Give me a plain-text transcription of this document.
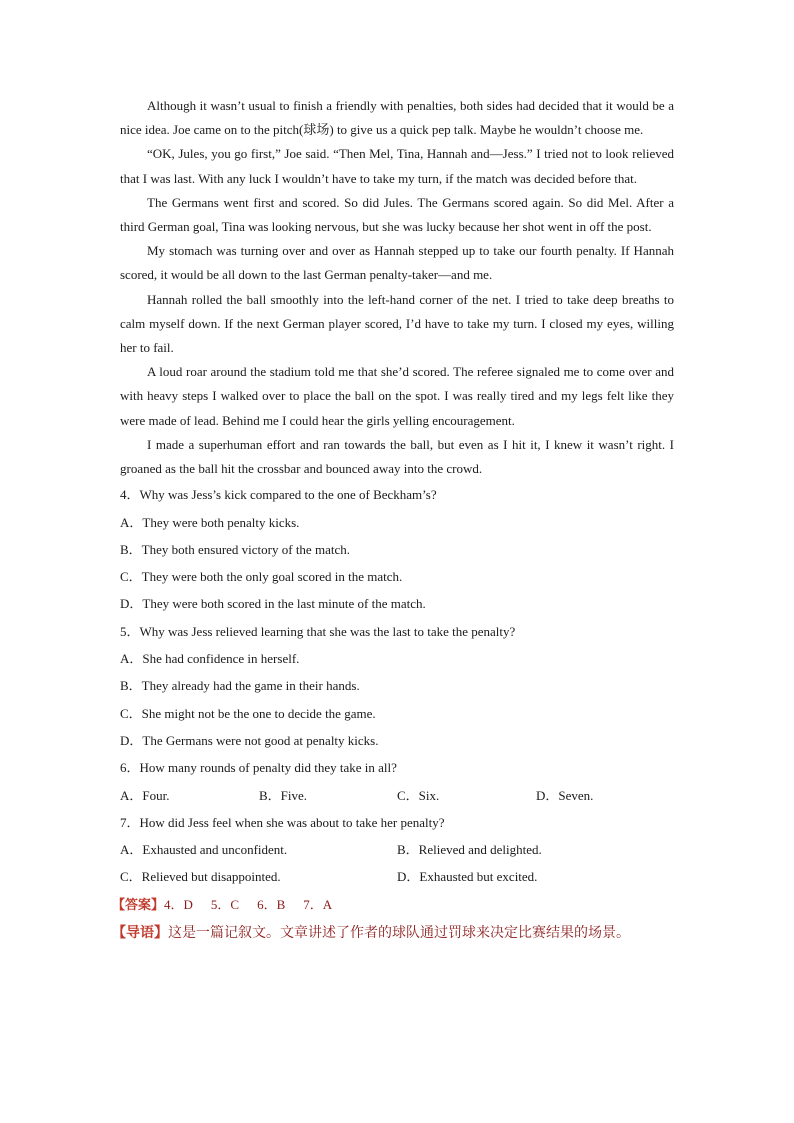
Although it wasn’t usual to finish a friendly with penalties, both sides had decided that it would be a nice idea. Joe came on to the pitch(球场) to give us a quick pep talk. Maybe he wouldn’t choose me.

“OK, Jules, you go first,” Joe said. “Then Mel, Tina, Hannah and—Jess.” I tried not to look relieved that I was last. With any luck I wouldn’t have to take my turn, if the match was decided before that.

The Germans went first and scored. So did Jules. The Germans scored again. So did Mel. After a third German goal, Tina was looking nervous, but she was lucky because her shot went in off the post.

My stomach was turning over and over as Hannah stepped up to take our fourth penalty. If Hannah scored, it would be all down to the last German penalty-taker—and me.

Hannah rolled the ball smoothly into the left-hand corner of the net. I tried to take deep breaths to calm myself down. If the next German player scored, I’d have to take my turn. I closed my eyes, willing her to fail.

A loud roar around the stadium told me that she’d scored. The referee signaled me to come over and with heavy steps I walked over to place the ball on the spot. I was really tired and my legs felt like they were made of lead. Behind me I could hear the girls yelling encouragement.

I made a superhuman effort and ran towards the ball, but even as I hit it, I knew it wasn’t right. I groaned as the ball hit the crossbar and bounced away into the crowd.

4．Why was Jess’s kick compared to the one of Beckham’s?

A．They were both penalty kicks.

B．They both ensured victory of the match.

C．They were both the only goal scored in the match.

D．They were both scored in the last minute of the match.

5．Why was Jess relieved learning that she was the last to take the penalty?

A．She had confidence in herself.

B．They already had the game in their hands.

C．She might not be the one to decide the game.

D．The Germans were not good at penalty kicks.

6．How many rounds of penalty did they take in all?

A．Four.	B．Five.	C．Six.	D．Seven.

7．How did Jess feel when she was about to take her penalty?

A．Exhausted and unconfident.	B．Relieved and delighted.
C．Relieved but disappointed.	D．Exhausted but excited.

【答案】4．D 5．C 6．B 7．A

【导语】这是一篇记叙文。文章讲述了作者的球队通过罚球来决定比赛结果的场景。
